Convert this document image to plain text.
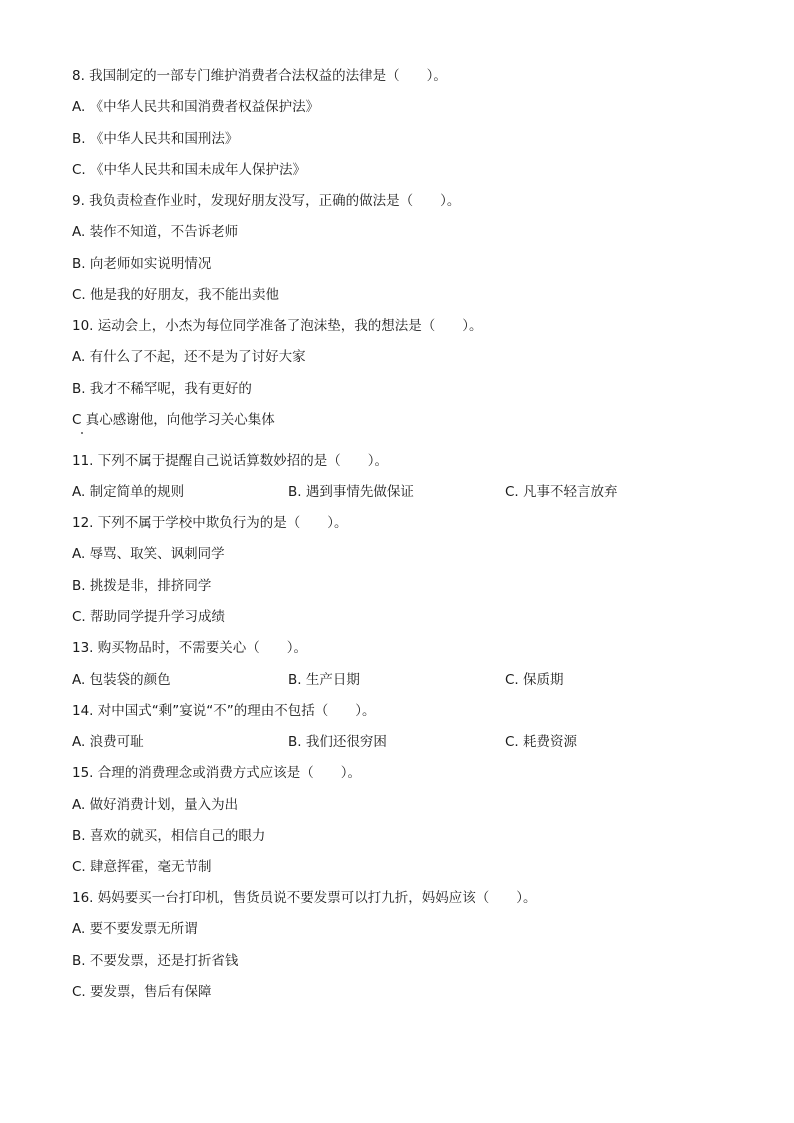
8. 我国制定的一部专门维护消费者合法权益的法律是（　　）。
A. 《中华人民共和国消费者权益保护法》
B. 《中华人民共和国刑法》
C. 《中华人民共和国未成年人保护法》
9. 我负责检查作业时，发现好朋友没写，正确的做法是（　　）。
A. 装作不知道，不告诉老师
B. 向老师如实说明情况
C. 他是我的好朋友，我不能出卖他
10. 运动会上，小杰为每位同学准备了泡沫垫，我的想法是（　　）。
A. 有什么了不起，还不是为了讨好大家
B. 我才不稀罕呢，我有更好的
C 真心感谢他，向他学习关心集体
11. 下列不属于提醒自己说话算数妙招的是（　　）。
A. 制定简单的规则	B. 遇到事情先做保证	C. 凡事不轻言放弃
12. 下列不属于学校中欺负行为的是（　　）。
A. 辱骂、取笑、讽刺同学
B. 挑拨是非，排挤同学
C. 帮助同学提升学习成绩
13. 购买物品时，不需要关心（　　）。
A. 包装袋的颜色	B. 生产日期	C. 保质期
14. 对中国式“剩”宴说“不”的理由不包括（　　）。
A. 浪费可耻	B. 我们还很穷困	C. 耗费资源
15. 合理的消费理念或消费方式应该是（　　）。
A. 做好消费计划，量入为出
B. 喜欢的就买，相信自己的眼力
C. 肆意挥霍，毫无节制
16. 妈妈要买一台打印机，售货员说不要发票可以打九折，妈妈应该（　　）。
A. 要不要发票无所谓
B. 不要发票，还是打折省钱
C. 要发票，售后有保障
